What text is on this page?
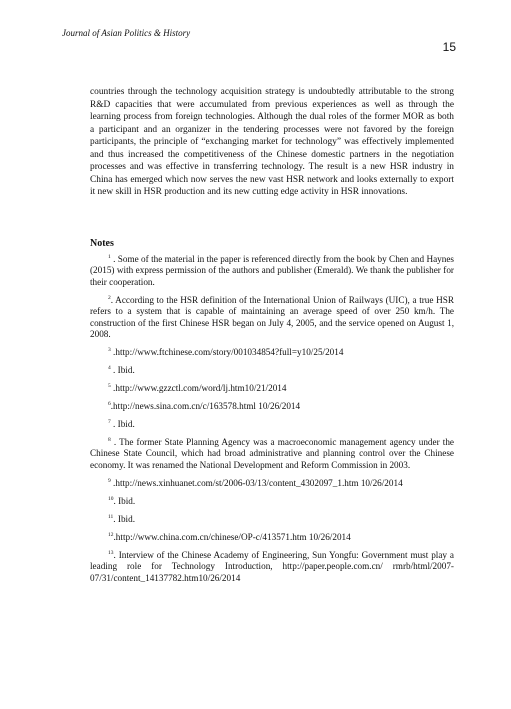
Journal of Asian Politics & History
15

countries through the technology acquisition strategy is undoubtedly attributable to the strong R&D capacities that were accumulated from previous experiences as well as through the learning process from foreign technologies. Although the dual roles of the former MOR as both a participant and an organizer in the tendering processes were not favored by the foreign participants, the principle of “exchanging market for technology” was effectively implemented and thus increased the competitiveness of the Chinese domestic partners in the negotiation processes and was effective in transferring technology. The result is a new HSR industry in China has emerged which now serves the new vast HSR network and looks externally to export it new skill in HSR production and its new cutting edge activity in HSR innovations.

Notes

$^1$ . Some of the material in the paper is referenced directly from the book by Chen and Haynes (2015) with express permission of the authors and publisher (Emerald). We thank the publisher for their cooperation.

$^2$. According to the HSR definition of the International Union of Railways (UIC), a true HSR refers to a system that is capable of maintaining an average speed of over 250 km/h. The construction of the first Chinese HSR began on July 4, 2005, and the service opened on August 1, 2008.

$^3$ .http://www.ftchinese.com/story/001034854?full=y10/25/2014

$^4$ . Ibid.

$^5$ .http://www.gzzctl.com/word/lj.htm10/21/2014

$^6$.http://news.sina.com.cn/c/163578.html 10/26/2014

$^7$ . Ibid.

$^8$ . The former State Planning Agency was a macroeconomic management agency under the Chinese State Council, which had broad administrative and planning control over the Chinese economy. It was renamed the National Development and Reform Commission in 2003.

$^9$ .http://news.xinhuanet.com/st/2006-03/13/content_4302097_1.htm 10/26/2014

$^{10}$. Ibid.

$^{11}$. Ibid.

$^{12}$.http://www.china.com.cn/chinese/OP-c/413571.htm 10/26/2014

$^{13}$. Interview of the Chinese Academy of Engineering, Sun Yongfu: Government must play a leading role for Technology Introduction, http://paper.people.com.cn/ rmrb/html/2007-07/31/content_14137782.htm10/26/2014
